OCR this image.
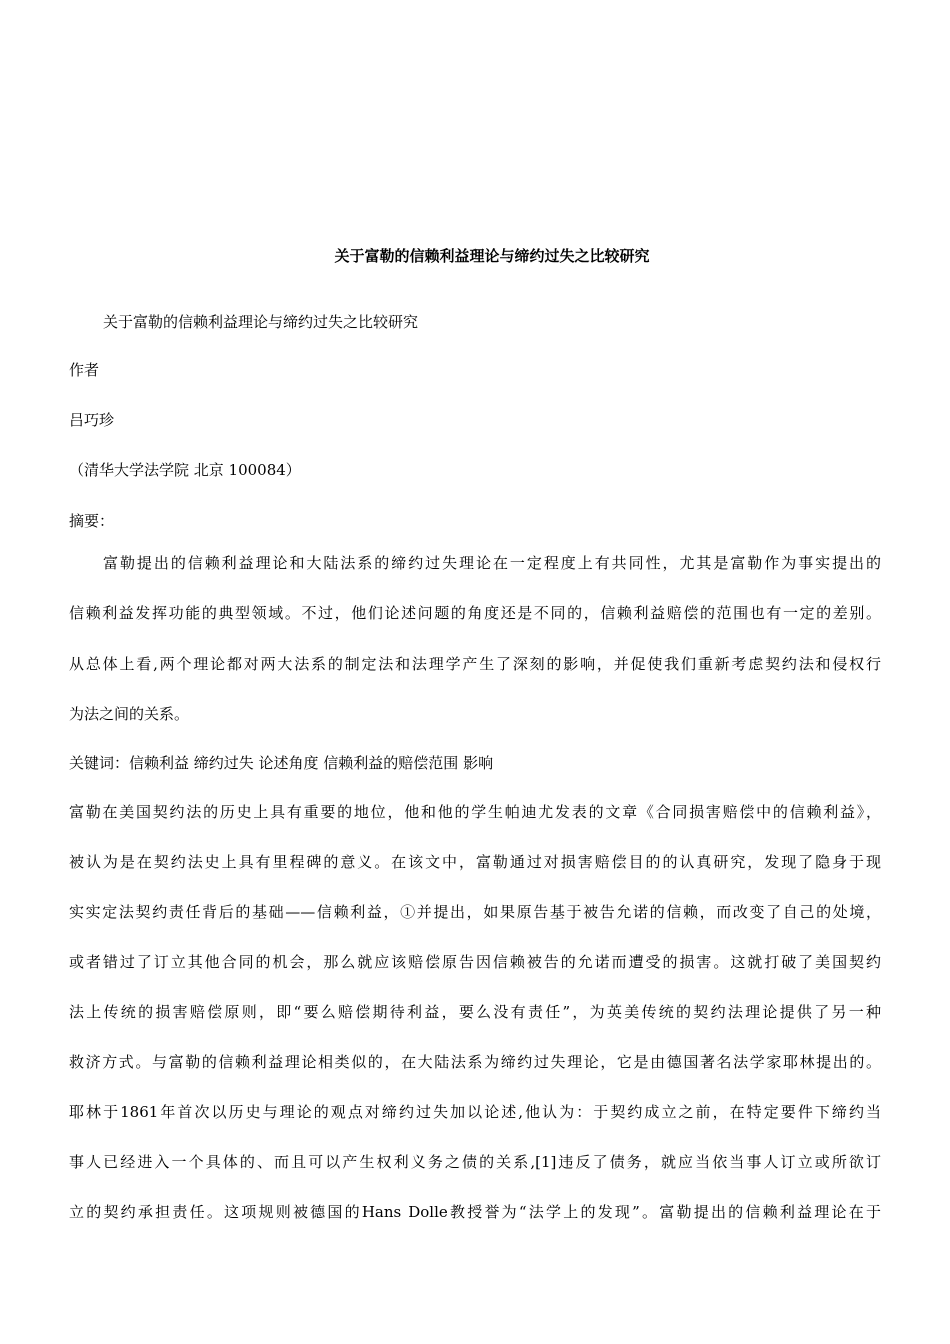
关于富勒的信赖利益理论与缔约过失之比较研究
关于富勒的信赖利益理论与缔约过失之比较研究
作者
吕巧珍
（清华大学法学院 北京 100084）
摘要：
富勒提出的信赖利益理论和大陆法系的缔约过失理论在一定程度上有共同性，尤其是富勒作为事实提出的
信赖利益发挥功能的典型领域。不过，他们论述问题的角度还是不同的，信赖利益赔偿的范围也有一定的差别。
从总体上看,两个理论都对两大法系的制定法和法理学产生了深刻的影响，并促使我们重新考虑契约法和侵权行
为法之间的关系。
关键词：信赖利益 缔约过失 论述角度 信赖利益的赔偿范围 影响
富勒在美国契约法的历史上具有重要的地位，他和他的学生帕迪尤发表的文章《合同损害赔偿中的信赖利益》，
被认为是在契约法史上具有里程碑的意义。在该文中，富勒通过对损害赔偿目的的认真研究，发现了隐身于现
实实定法契约责任背后的基础——信赖利益，①并提出，如果原告基于被告允诺的信赖，而改变了自己的处境，
或者错过了订立其他合同的机会，那么就应该赔偿原告因信赖被告的允诺而遭受的损害。这就打破了美国契约
法上传统的损害赔偿原则，即“要么赔偿期待利益，要么没有责任”，为英美传统的契约法理论提供了另一种
救济方式。与富勒的信赖利益理论相类似的，在大陆法系为缔约过失理论，它是由德国著名法学家耶林提出的。
耶林于1861年首次以历史与理论的观点对缔约过失加以论述,他认为：于契约成立之前，在特定要件下缔约当
事人已经进入一个具体的、而且可以产生权利义务之债的关系,[1]违反了债务，就应当依当事人订立或所欲订
立的契约承担责任。这项规则被德国的Hans Dolle教授誉为“法学上的发现”。富勒提出的信赖利益理论在于
